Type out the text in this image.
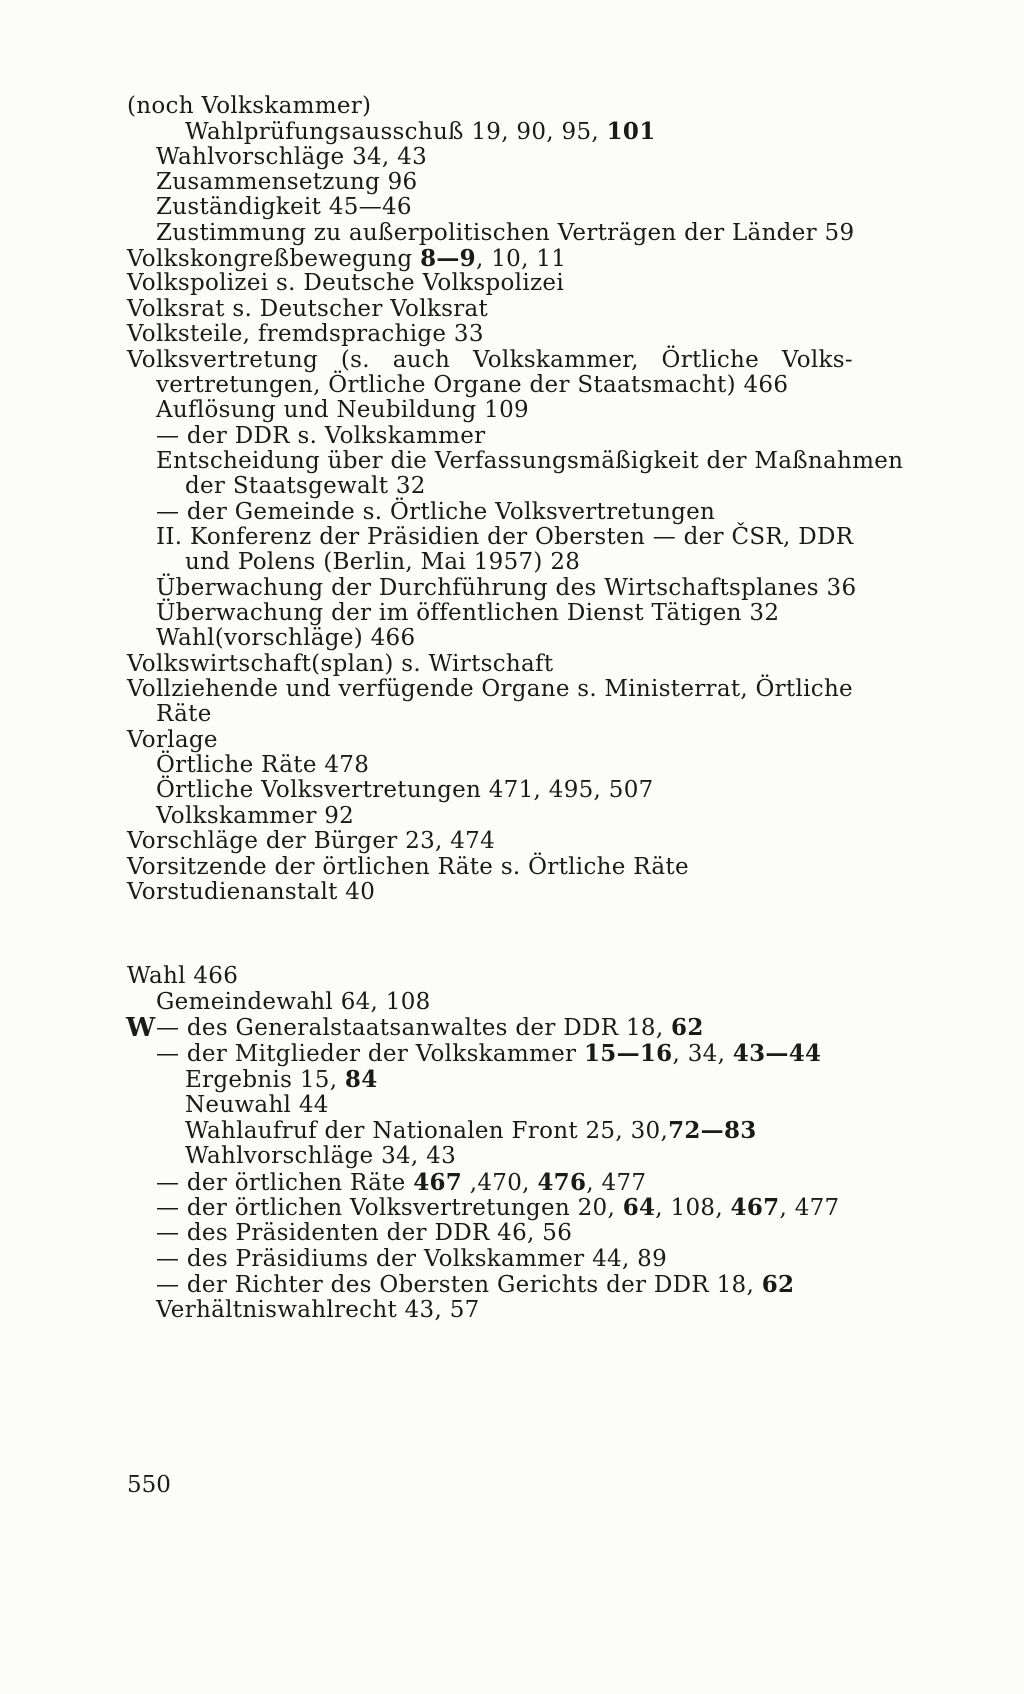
(noch Volkskammer)
Wahlprüfungsausschuß 19, 90, 95, 101
Wahlvorschläge 34, 43
Zusammensetzung 96
Zuständigkeit 45—46
Zustimmung zu außerpolitischen Verträgen der Länder 59
Volkskongreßbewegung 8—9, 10, 11
Volkspolizei s. Deutsche Volkspolizei
Volksrat s. Deutscher Volksrat
Volksteile, fremdsprachige 33
Volksvertretung (s. auch Volkskammer, Örtliche Volks-
vertretungen, Örtliche Organe der Staatsmacht) 466
Auflösung und Neubildung 109
— der DDR s. Volkskammer
Entscheidung über die Verfassungsmäßigkeit der Maßnahmen
der Staatsgewalt 32
— der Gemeinde s. Örtliche Volksvertretungen
II. Konferenz der Präsidien der Obersten — der ČSR, DDR
und Polens (Berlin, Mai 1957) 28
Überwachung der Durchführung des Wirtschaftsplanes 36
Überwachung der im öffentlichen Dienst Tätigen 32
Wahl(vorschläge) 466
Volkswirtschaft(splan) s. Wirtschaft
Vollziehende und verfügende Organe s. Ministerrat, Örtliche
Räte
Vorlage
Örtliche Räte 478
Örtliche Volksvertretungen 471, 495, 507
Volkskammer 92
Vorschläge der Bürger 23, 474
Vorsitzende der örtlichen Räte s. Örtliche Räte
Vorstudienanstalt 40
W
Wahl 466
Gemeindewahl 64, 108
— des Generalstaatsanwaltes der DDR 18, 62
— der Mitglieder der Volkskammer 15—16, 34, 43—44
Ergebnis 15, 84
Neuwahl 44
Wahlaufruf der Nationalen Front 25, 30,72—83
Wahlvorschläge 34, 43
— der örtlichen Räte 467 ,470, 476, 477
— der örtlichen Volksvertretungen 20, 64, 108, 467, 477
— des Präsidenten der DDR 46, 56
— des Präsidiums der Volkskammer 44, 89
— der Richter des Obersten Gerichts der DDR 18, 62
Verhältniswahlrecht 43, 57
550
